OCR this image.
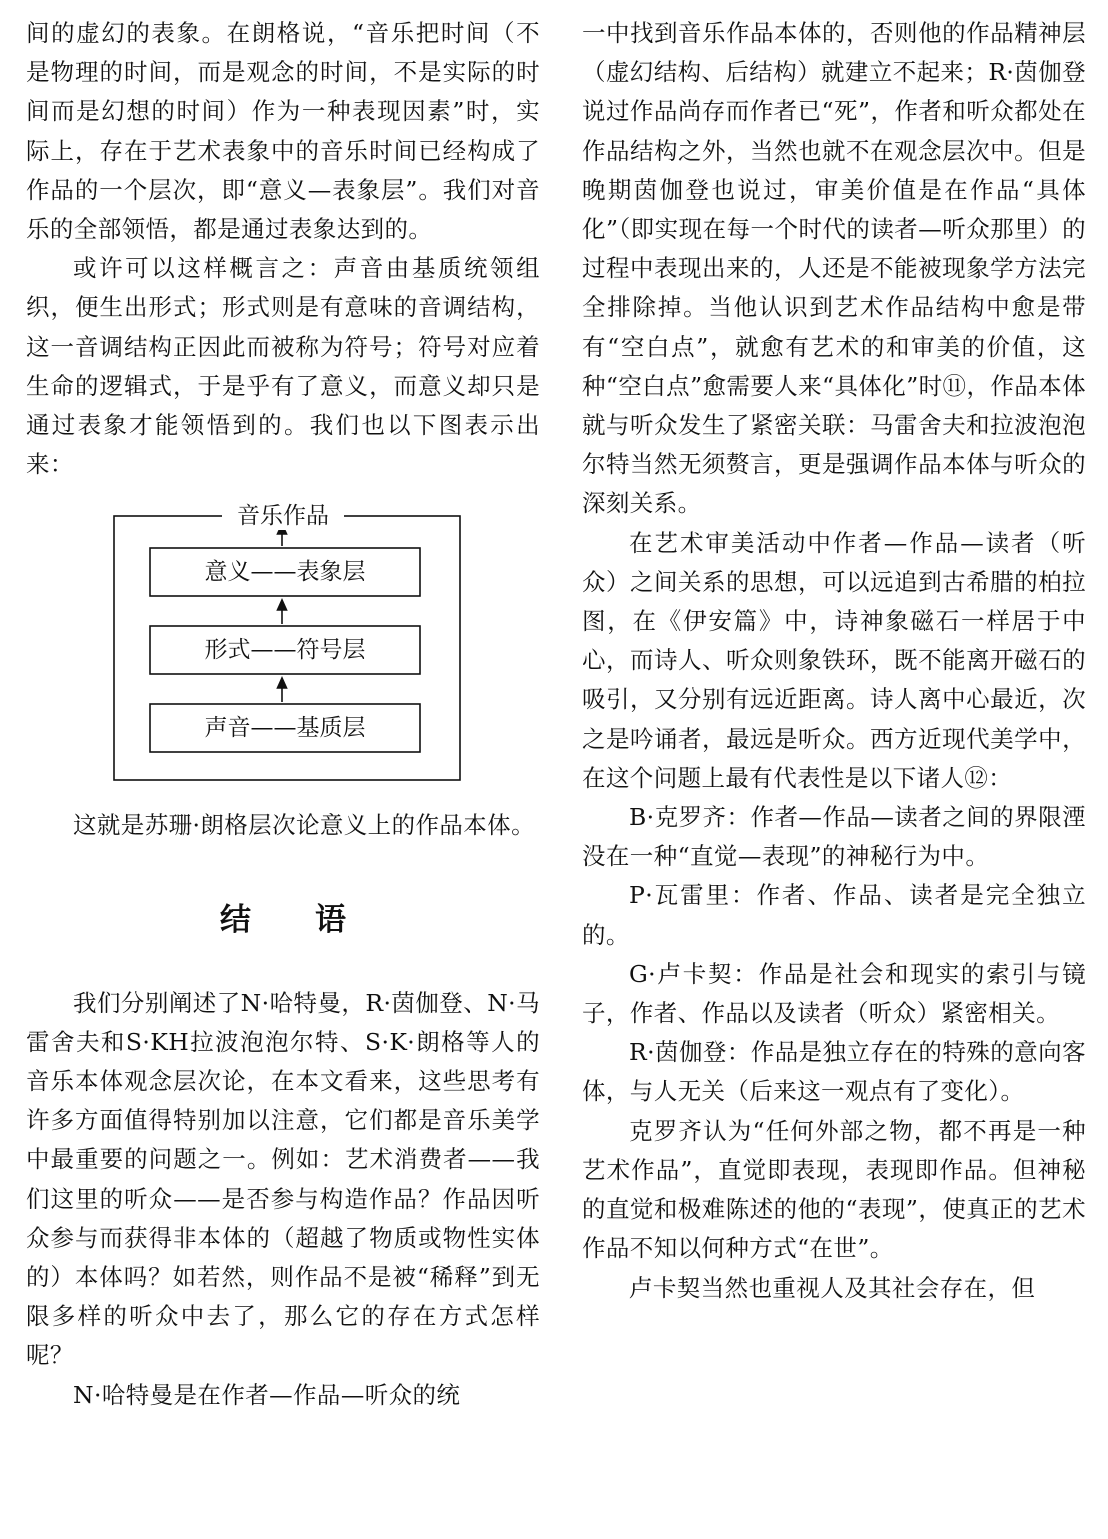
间的虚幻的表象。在朗格说，“音乐把时间（不是物理的时间，而是观念的时间，不是实际的时间而是幻想的时间）作为一种表现因素”时，实际上，存在于艺术表象中的音乐时间已经构成了作品的一个层次，即“意义—表象层”。我们对音乐的全部领悟，都是通过表象达到的。

或许可以这样概言之：声音由基质统领组织，便生出形式；形式则是有意味的音调结构，这一音调结构正因此而被称为符号；符号对应着生命的逻辑式，于是乎有了意义，而意义却只是通过表象才能领悟到的。我们也以下图表示出来：

音乐作品
意义——表象层
形式——符号层
声音——基质层

这就是苏珊·朗格层次论意义上的作品本体。

结语

我们分别阐述了N·哈特曼，R·茵伽登、N·马雷舍夫和S·KH拉波泡泡尔特、S·K·朗格等人的音乐本体观念层次论，在本文看来，这些思考有许多方面值得特别加以注意，它们都是音乐美学中最重要的问题之一。例如：艺术消费者——我们这里的听众——是否参与构造作品？作品因听众参与而获得非本体的（超越了物质或物性实体的）本体吗？如若然，则作品不是被“稀释”到无限多样的听众中去了，那么它的存在方式怎样呢？

N·哈特曼是在作者—作品—听众的统

一中找到音乐作品本体的，否则他的作品精神层（虚幻结构、后结构）就建立不起来；R·茵伽登说过作品尚存而作者已“死”，作者和听众都处在作品结构之外，当然也就不在观念层次中。但是晚期茵伽登也说过，审美价值是在作品“具体化”（即实现在每一个时代的读者—听众那里）的过程中表现出来的，人还是不能被现象学方法完全排除掉。当他认识到艺术作品结构中愈是带有“空白点”，就愈有艺术的和审美的价值，这种“空白点”愈需要人来“具体化”时⑪，作品本体就与听众发生了紧密关联：马雷舍夫和拉波泡泡尔特当然无须赘言，更是强调作品本体与听众的深刻关系。

在艺术审美活动中作者—作品—读者（听众）之间关系的思想，可以远追到古希腊的柏拉图，在《伊安篇》中，诗神象磁石一样居于中心，而诗人、听众则象铁环，既不能离开磁石的吸引，又分别有远近距离。诗人离中心最近，次之是吟诵者，最远是听众。西方近现代美学中，在这个问题上最有代表性是以下诸人⑫：

B·克罗齐：作者—作品—读者之间的界限湮没在一种“直觉—表现”的神秘行为中。

P·瓦雷里：作者、作品、读者是完全独立的。

G·卢卡契：作品是社会和现实的索引与镜子，作者、作品以及读者（听众）紧密相关。

R·茵伽登：作品是独立存在的特殊的意向客体，与人无关（后来这一观点有了变化）。

克罗齐认为“任何外部之物，都不再是一种艺术作品”，直觉即表现，表现即作品。但神秘的直觉和极难陈述的他的“表现”，使真正的艺术作品不知以何种方式“在世”。

卢卡契当然也重视人及其社会存在，但
